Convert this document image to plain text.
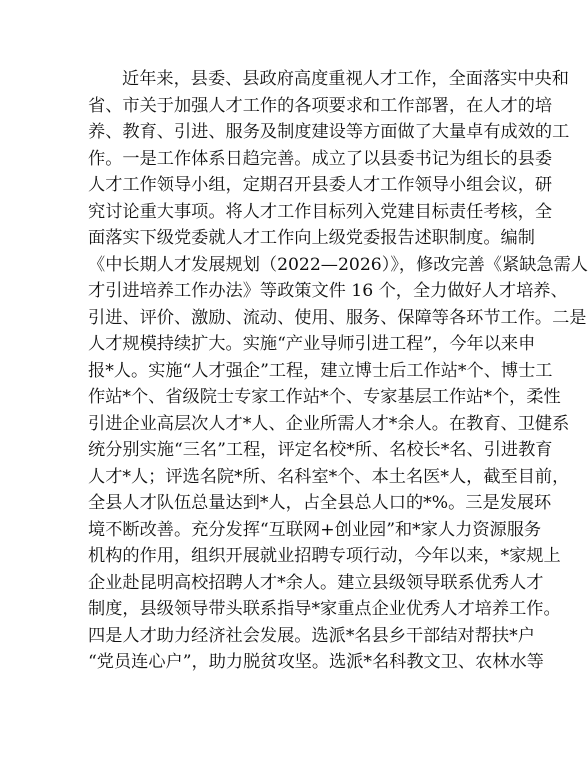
近年来，县委、县政府高度重视人才工作，全面落实中央和
省、市关于加强人才工作的各项要求和工作部署，在人才的培
养、教育、引进、服务及制度建设等方面做了大量卓有成效的工
作。一是工作体系日趋完善。成立了以县委书记为组长的县委
人才工作领导小组，定期召开县委人才工作领导小组会议，研
究讨论重大事项。将人才工作目标列入党建目标责任考核，全
面落实下级党委就人才工作向上级党委报告述职制度。编制
《中长期人才发展规划（2022—2026）》，修改完善《紧缺急需人
才引进培养工作办法》等政策文件 16 个，全力做好人才培养、
引进、评价、激励、流动、使用、服务、保障等各环节工作。二是
人才规模持续扩大。实施“产业导师引进工程”，今年以来申
报*人。实施“人才强企”工程，建立博士后工作站*个、博士工
作站*个、省级院士专家工作站*个、专家基层工作站*个，柔性
引进企业高层次人才*人、企业所需人才*余人。在教育、卫健系
统分别实施“三名”工程，评定名校*所、名校长*名、引进教育
人才*人；评选名院*所、名科室*个、本土名医*人，截至目前，
全县人才队伍总量达到*人，占全县总人口的*%。三是发展环
境不断改善。充分发挥“互联网+创业园”和*家人力资源服务
机构的作用，组织开展就业招聘专项行动，今年以来，*家规上
企业赴昆明高校招聘人才*余人。建立县级领导联系优秀人才
制度，县级领导带头联系指导*家重点企业优秀人才培养工作。
四是人才助力经济社会发展。选派*名县乡干部结对帮扶*户
“党员连心户”，助力脱贫攻坚。选派*名科教文卫、农林水等
